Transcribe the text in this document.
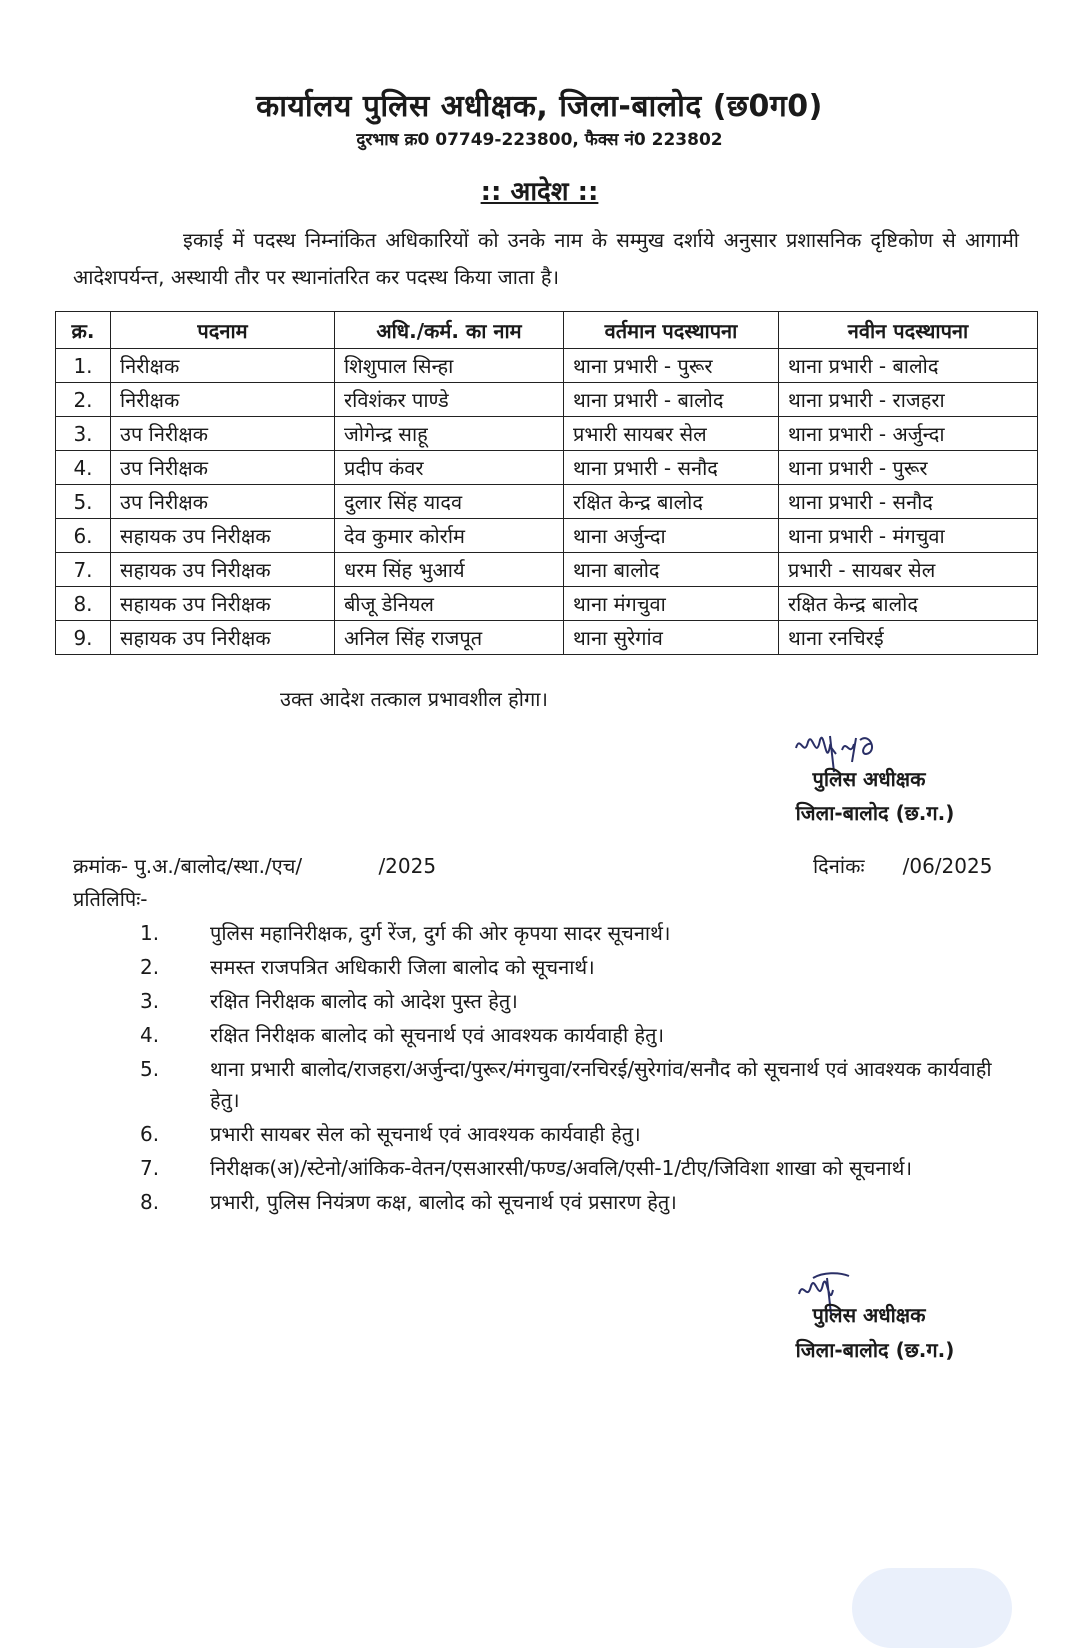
कार्यालय पुलिस अधीक्षक, जिला-बालोद (छ0ग0)
दुरभाष क्र0 07749-223800, फैक्स नं0 223802
:: आदेश ::
इकाई में पदस्थ निम्नांकित अधिकारियों को उनके नाम के सम्मुख दर्शाये अनुसार प्रशासनिक दृष्टिकोण से आगामी आदेशपर्यन्त, अस्थायी तौर पर स्थानांतरित कर पदस्थ किया जाता है।
क्र.	पदनाम	अधि./कर्म. का नाम	वर्तमान पदस्थापना	नवीन पदस्थापना
1.	निरीक्षक	शिशुपाल सिन्हा	थाना प्रभारी - पुरूर	थाना प्रभारी - बालोद
2.	निरीक्षक	रविशंकर पाण्डे	थाना प्रभारी - बालोद	थाना प्रभारी - राजहरा
3.	उप निरीक्षक	जोगेन्द्र साहू	प्रभारी सायबर सेल	थाना प्रभारी - अर्जुन्दा
4.	उप निरीक्षक	प्रदीप कंवर	थाना प्रभारी - सनौद	थाना प्रभारी - पुरूर
5.	उप निरीक्षक	दुलार सिंह यादव	रक्षित केन्द्र बालोद	थाना प्रभारी - सनौद
6.	सहायक उप निरीक्षक	देव कुमार कोर्राम	थाना अर्जुन्दा	थाना प्रभारी - मंगचुवा
7.	सहायक उप निरीक्षक	धरम सिंह भुआर्य	थाना बालोद	प्रभारी - सायबर सेल
8.	सहायक उप निरीक्षक	बीजू डेनियल	थाना मंगचुवा	रक्षित केन्द्र बालोद
9.	सहायक उप निरीक्षक	अनिल सिंह राजपूत	थाना सुरेगांव	थाना रनचिरई
उक्त आदेश तत्काल प्रभावशील होगा।
पुलिस अधीक्षक
जिला-बालोद (छ.ग.)
क्रमांक- पु.अ./बालोद/स्था./एच/            /2025	दिनांकः      /06/2025
प्रतिलिपिः-
1.	पुलिस महानिरीक्षक, दुर्ग रेंज, दुर्ग की ओर कृपया सादर सूचनार्थ।
2.	समस्त राजपत्रित अधिकारी जिला बालोद को सूचनार्थ।
3.	रक्षित निरीक्षक बालोद को आदेश पुस्त हेतु।
4.	रक्षित निरीक्षक बालोद को सूचनार्थ एवं आवश्यक कार्यवाही हेतु।
5.	थाना प्रभारी बालोद/राजहरा/अर्जुन्दा/पुरूर/मंगचुवा/रनचिरई/सुरेगांव/सनौद को सूचनार्थ एवं आवश्यक कार्यवाही हेतु।
6.	प्रभारी सायबर सेल को सूचनार्थ एवं आवश्यक कार्यवाही हेतु।
7.	निरीक्षक(अ)/स्टेनो/आंकिक-वेतन/एसआरसी/फण्ड/अवलि/एसी-1/टीए/जिविशा शाखा को सूचनार्थ।
8.	प्रभारी, पुलिस नियंत्रण कक्ष, बालोद को सूचनार्थ एवं प्रसारण हेतु।
पुलिस अधीक्षक
जिला-बालोद (छ.ग.)
